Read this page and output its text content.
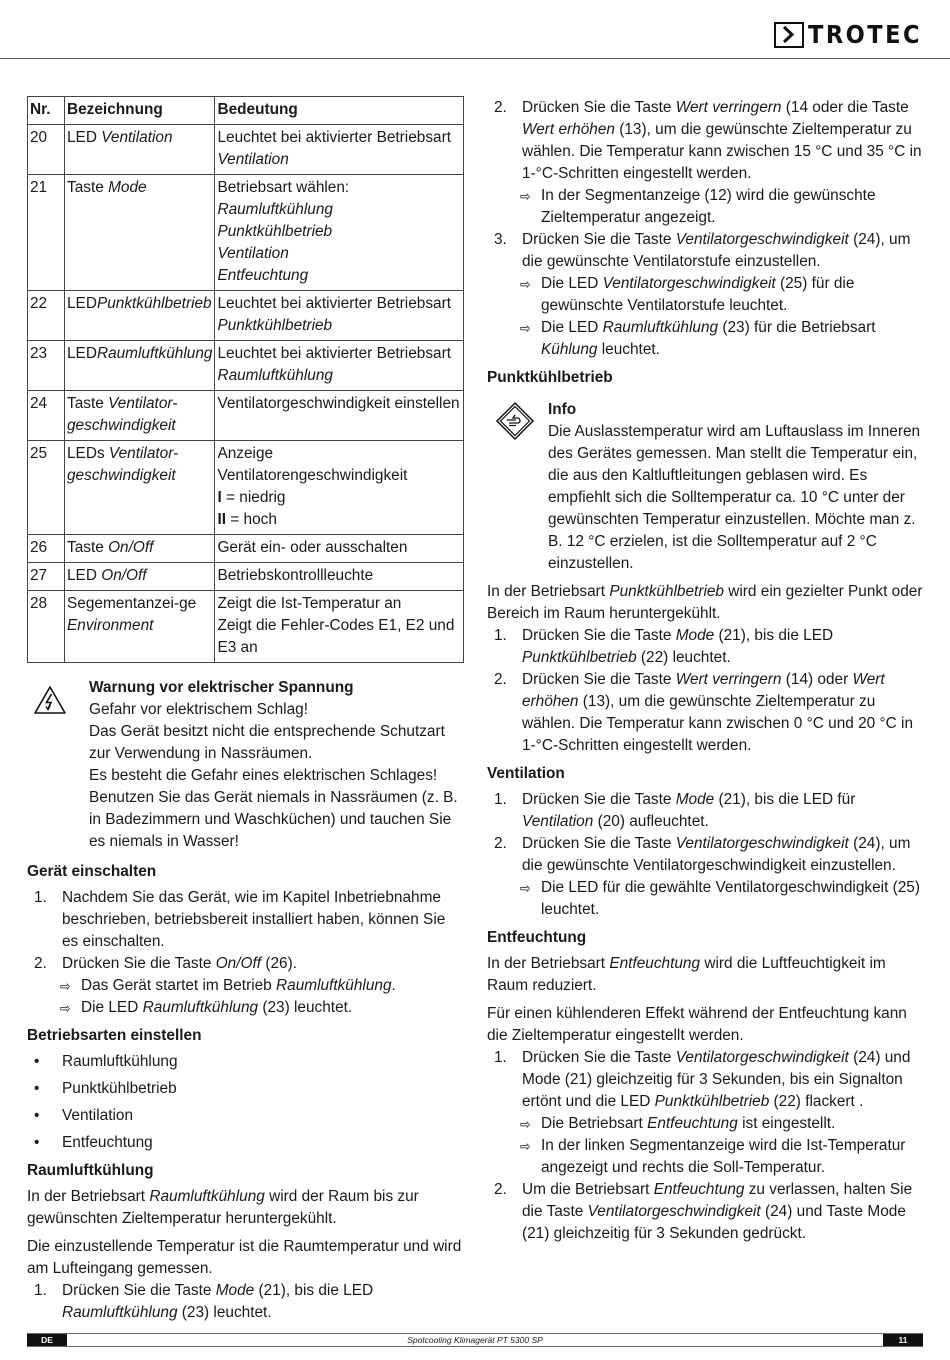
TROTEC
Nr.	Bezeichnung	Bedeutung
20	LED Ventilation	Leuchtet bei aktivierter Betriebsart
Ventilation

21	Taste Mode	Betriebsart wählen:
Raumluftkühlung
Punktkühlbetrieb
Ventilation
Entfeuchtung

22	LEDPunktkühlbetrieb	Leuchtet bei aktivierter Betriebsart
Punktkühlbetrieb

23	LEDRaumluftkühlung	Leuchtet bei aktivierter Betriebsart
Raumluftkühlung

24	Taste Ventilator-geschwindigkeit	Ventilatorgeschwindigkeit einstellen

25	LEDs Ventilator-geschwindigkeit	Anzeige Ventilatorengeschwindigkeit
I = niedrig
II = hoch

26	Taste On/Off	Gerät ein- oder ausschalten

27	LED On/Off	Betriebskontrollleuchte

28	Segementanzei-ge Environment	Zeigt die Ist-Temperatur an
Zeigt die Fehler-Codes E1, E2 und E3 an
Warnung vor elektrischer Spannung
Gefahr vor elektrischem Schlag!
Das Gerät besitzt nicht die entsprechende Schutzart zur Verwendung in Nassräumen.
Es besteht die Gefahr eines elektrischen Schlages! Benutzen Sie das Gerät niemals in Nassräumen (z. B. in Badezimmern und Waschküchen) und tauchen Sie es niemals in Wasser!
Gerät einschalten
1. Nachdem Sie das Gerät, wie im Kapitel Inbetriebnahme beschrieben, betriebsbereit installiert haben, können Sie es einschalten.
2. Drücken Sie die Taste On/Off (26).
⇨ Das Gerät startet im Betrieb Raumluftkühlung.
⇨ Die LED Raumluftkühlung (23) leuchtet.
Betriebsarten einstellen
• Raumluftkühlung
• Punktkühlbetrieb
• Ventilation
• Entfeuchtung
Raumluftkühlung

In der Betriebsart Raumluftkühlung wird der Raum bis zur gewünschten Zieltemperatur heruntergekühlt.

Die einzustellende Temperatur ist die Raumtemperatur und wird am Lufteingang gemessen.

1. Drücken Sie die Taste Mode (21), bis die LED Raumluftkühlung (23) leuchtet.
2. Drücken Sie die Taste Wert verringern (14 oder die Taste Wert erhöhen (13), um die gewünschte Zieltemperatur zu wählen. Die Temperatur kann zwischen 15 °C und 35 °C in 1-°C-Schritten eingestellt werden.
⇨ In der Segmentanzeige (12) wird die gewünschte Zieltemperatur angezeigt.
3. Drücken Sie die Taste Ventilatorgeschwindigkeit (24), um die gewünschte Ventilatorstufe einzustellen.
⇨ Die LED Ventilatorgeschwindigkeit (25) für die gewünschte Ventilatorstufe leuchtet.
⇨ Die LED Raumluftkühlung (23) für die Betriebsart Kühlung leuchtet.
Punktkühlbetrieb
Info
Die Auslasstemperatur wird am Luftauslass im Inneren des Gerätes gemessen. Man stellt die Temperatur ein, die aus den Kaltluftleitungen geblasen wird. Es empfiehlt sich die Solltemperatur ca. 10 °C unter der gewünschten Temperatur einzustellen. Möchte man z. B. 12 °C erzielen, ist die Solltemperatur auf 2 °C einzustellen.

In der Betriebsart Punktkühlbetrieb wird ein gezielter Punkt oder Bereich im Raum heruntergekühlt.

1. Drücken Sie die Taste Mode (21), bis die LED Punktkühlbetrieb (22) leuchtet.
2. Drücken Sie die Taste Wert verringern (14) oder Wert erhöhen (13), um die gewünschte Zieltemperatur zu wählen. Die Temperatur kann zwischen 0 °C und 20 °C in 1-°C-Schritten eingestellt werden.
Ventilation
1. Drücken Sie die Taste Mode (21), bis die LED für Ventilation (20) aufleuchtet.
2. Drücken Sie die Taste Ventilatorgeschwindigkeit (24), um die gewünschte Ventilatorgeschwindigkeit einzustellen.
⇨ Die LED für die gewählte Ventilatorgeschwindigkeit (25) leuchtet.
Entfeuchtung

In der Betriebsart Entfeuchtung wird die Luftfeuchtigkeit im Raum reduziert.

Für einen kühlenderen Effekt während der Entfeuchtung kann die Zieltemperatur eingestellt werden.

1. Drücken Sie die Taste Ventilatorgeschwindigkeit (24) und Mode (21) gleichzeitig für 3 Sekunden, bis ein Signalton ertönt und die LED Punktkühlbetrieb (22) flackert .
⇨ Die Betriebsart Entfeuchtung ist eingestellt.
⇨ In der linken Segmentanzeige wird die Ist-Temperatur angezeigt und rechts die Soll-Temperatur.
2. Um die Betriebsart Entfeuchtung zu verlassen, halten Sie die Taste Ventilatorgeschwindigkeit (24) und Taste Mode (21) gleichzeitig für 3 Sekunden gedrückt.
Spotcooling Klimagerät PT 5300 SP
DE	11
